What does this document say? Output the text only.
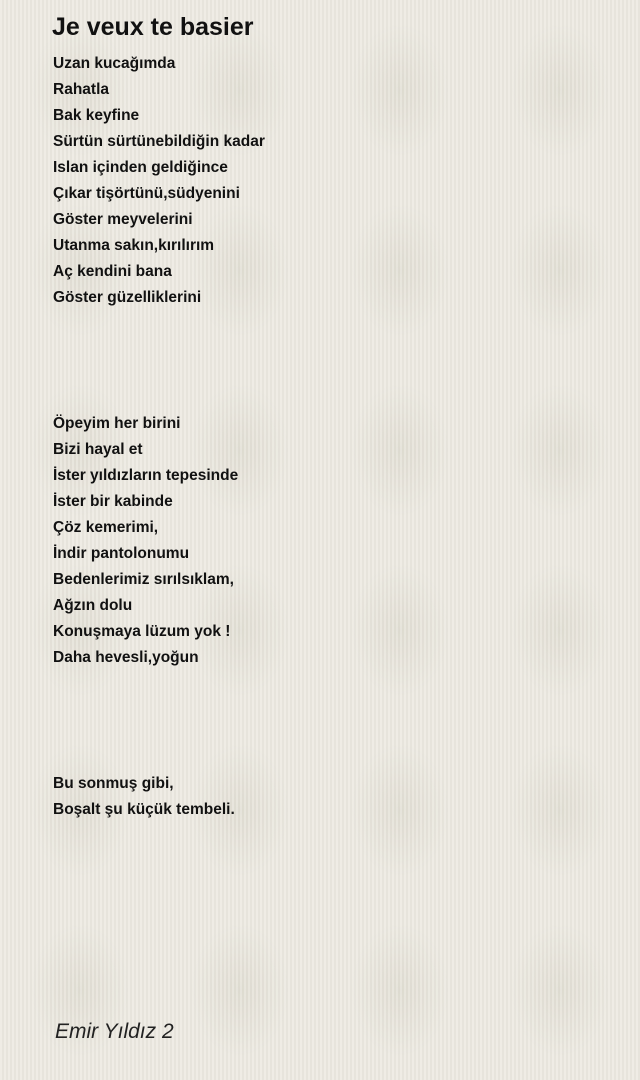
Je veux te basier
Uzan kucağımda
Rahatla
Bak keyfine
Sürtün sürtünebildiğin kadar
Islan içinden geldiğince
Çıkar tişörtünü,südyenini
Göster meyvelerini
Utanma sakın,kırılırım
Aç kendini bana
Göster güzelliklerini
Öpeyim her birini
Bizi hayal et
İster yıldızların tepesinde
İster bir kabinde
Çöz kemerimi,
İndir pantolonumu
Bedenlerimiz sırılsıklam,
Ağzın dolu
Konuşmaya lüzum yok !
Daha hevesli,yoğun
Bu sonmuş gibi,
Boşalt şu küçük tembeli.
Emir Yıldız 2
